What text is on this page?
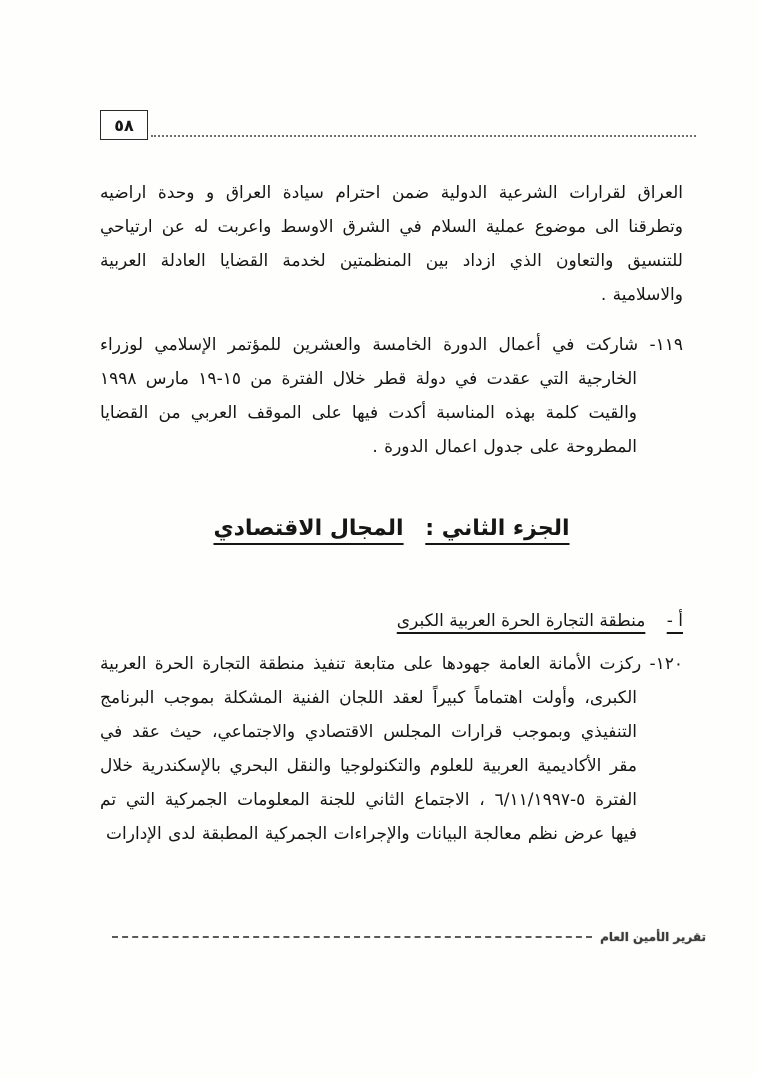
٥٨

العراق لقرارات الشرعية الدولية ضمن احترام سيادة العراق و وحدة اراضيه وتطرقنا الى موضوع عملية السلام في الشرق الاوسط واعربت له عن ارتياحي للتنسيق والتعاون الذي ازداد بين المنظمتين لخدمة القضايا العادلة العربية والاسلامية .

١١٩- شاركت في أعمال الدورة الخامسة والعشرين للمؤتمر الإسلامي لوزراء الخارجية التي عقدت في دولة قطر خلال الفترة من ١٥-١٩ مارس ١٩٩٨ والقيت كلمة بهذه المناسبة أكدت فيها على الموقف العربي من القضايا المطروحة على جدول اعمال الدورة .

الجزء الثاني : المجال الاقتصادي
أ - منطقة التجارة الحرة العربية الكبرى

١٢٠- ركزت الأمانة العامة جهودها على متابعة تنفيذ منطقة التجارة الحرة العربية الكبرى، وأولت اهتماماً كبيراً لعقد اللجان الفنية المشكلة بموجب البرنامج التنفيذي وبموجب قرارات المجلس الاقتصادي والاجتماعي، حيث عقد في مقر الأكاديمية العربية للعلوم والتكنولوجيا والنقل البحري بالإسكندرية خلال الفترة ٥-٦/١١/١٩٩٧ ، الاجتماع الثاني للجنة المعلومات الجمركية التي تم فيها عرض نظم معالجة البيانات والإجراءات الجمركية المطبقة لدى الإدارات

تقرير الأمين العام
